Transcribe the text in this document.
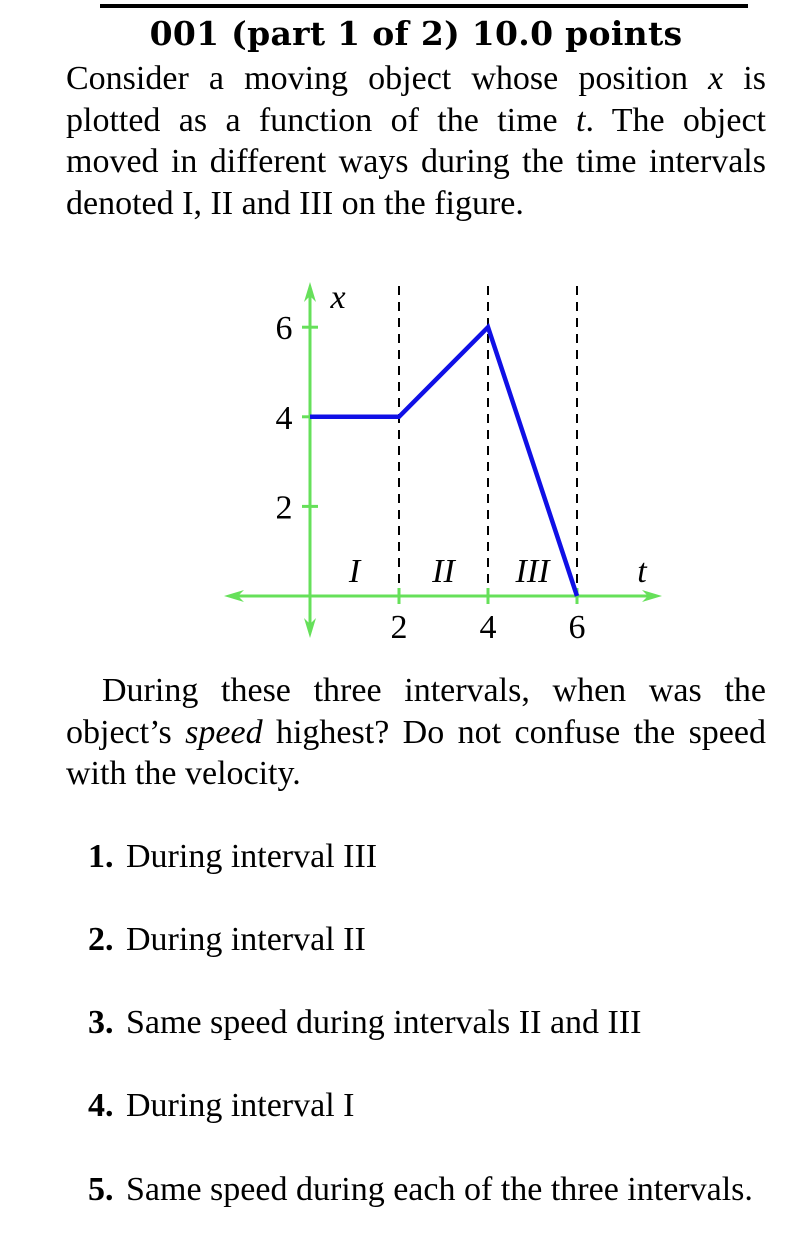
001 (part 1 of 2) 10.0 points
Consider a moving object whose position x is plotted as a function of the time t. The object moved in different ways during the time intervals denoted I, II and III on the figure.
6
4
2
2 4 6
x
t
I II III
During these three intervals, when was the object’s speed highest? Do not confuse the speed with the velocity.
1. During interval III
2. During interval II
3. Same speed during intervals II and III
4. During interval I
5. Same speed during each of the three intervals.
